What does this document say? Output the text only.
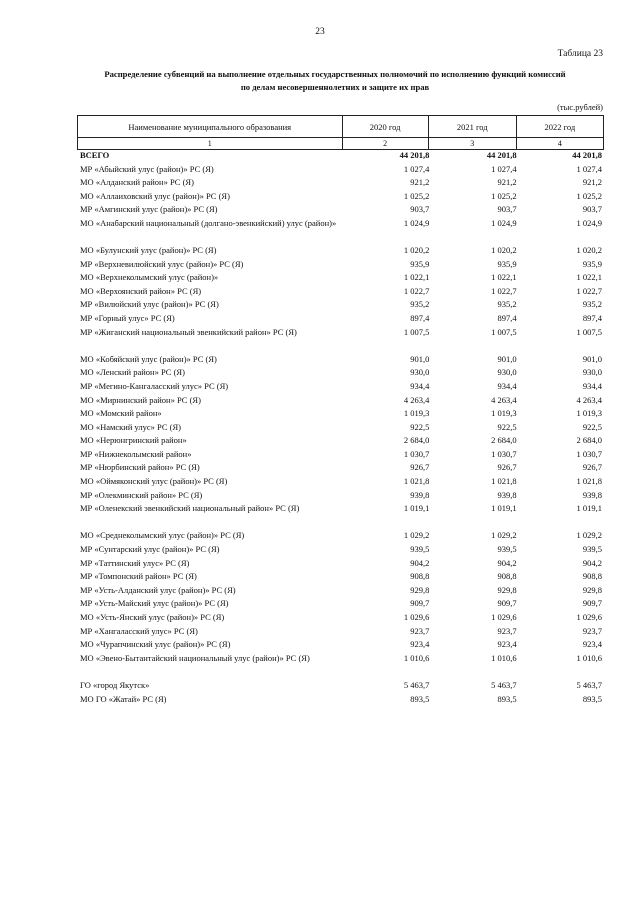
23
Таблица 23
Распределение субвенций на выполнение отдельных государственных полномочий по исполнению функций комиссий
по делам несовершеннолетних и защите их прав
(тыс.рублей)
Наименование муниципального образования	2020 год	2021 год	2022 год
1	2	3	4
ВСЕГО	44 201,8	44 201,8	44 201,8
МР «Абыйский улус (район)» РС (Я)	1 027,4	1 027,4	1 027,4
МО «Алданский район» РС (Я)	921,2	921,2	921,2
МО «Аллаиховский улус (район)» РС (Я)	1 025,2	1 025,2	1 025,2
МР «Амгинский улус (район)» РС (Я)	903,7	903,7	903,7
МО «Анабарский национальный (долгано-эвенкийский) улус (район)»	1 024,9	1 024,9	1 024,9
МО «Булунский улус (район)» РС (Я)	1 020,2	1 020,2	1 020,2
МР «Верхневилюйский улус (район)» РС (Я)	935,9	935,9	935,9
МО «Верхнеколымский улус (район)»	1 022,1	1 022,1	1 022,1
МО «Верхоянский район» РС (Я)	1 022,7	1 022,7	1 022,7
МР «Вилюйский улус (район)» РС (Я)	935,2	935,2	935,2
МР «Горный улус» РС (Я)	897,4	897,4	897,4
МР «Жиганский национальный эвенкийский район» РС (Я)	1 007,5	1 007,5	1 007,5
МО «Кобяйский улус (район)» РС (Я)	901,0	901,0	901,0
МО «Ленский район» РС (Я)	930,0	930,0	930,0
МР «Мегино-Кангаласский улус» РС (Я)	934,4	934,4	934,4
МО «Мирнинский район» РС (Я)	4 263,4	4 263,4	4 263,4
МО «Момский район»	1 019,3	1 019,3	1 019,3
МО «Намский улус» РС (Я)	922,5	922,5	922,5
МО «Нерюнгринский район»	2 684,0	2 684,0	2 684,0
МР «Нижнеколымский район»	1 030,7	1 030,7	1 030,7
МР «Нюрбинский район» РС (Я)	926,7	926,7	926,7
МО «Оймяконский улус (район)» РС (Я)	1 021,8	1 021,8	1 021,8
МР «Олекминский район» РС (Я)	939,8	939,8	939,8
МР «Оленекский эвенкийский национальный район» РС (Я)	1 019,1	1 019,1	1 019,1
МО «Среднеколымский улус (район)» РС (Я)	1 029,2	1 029,2	1 029,2
МР «Сунтарский улус (район)» РС (Я)	939,5	939,5	939,5
МР «Таттинский улус» РС (Я)	904,2	904,2	904,2
МР «Томпонский район» РС (Я)	908,8	908,8	908,8
МР «Усть-Алданский улус (район)» РС (Я)	929,8	929,8	929,8
МР «Усть-Майский улус (район)» РС (Я)	909,7	909,7	909,7
МО «Усть-Янский улус (район)» РС (Я)	1 029,6	1 029,6	1 029,6
МР «Хангаласский улус» РС (Я)	923,7	923,7	923,7
МО «Чурапчинский улус (район)» РС (Я)	923,4	923,4	923,4
МО «Эвено-Бытантайский национальный улус (район)» РС (Я)	1 010,6	1 010,6	1 010,6
ГО «город Якутск»	5 463,7	5 463,7	5 463,7
МО ГО «Жатай» РС (Я)	893,5	893,5	893,5
